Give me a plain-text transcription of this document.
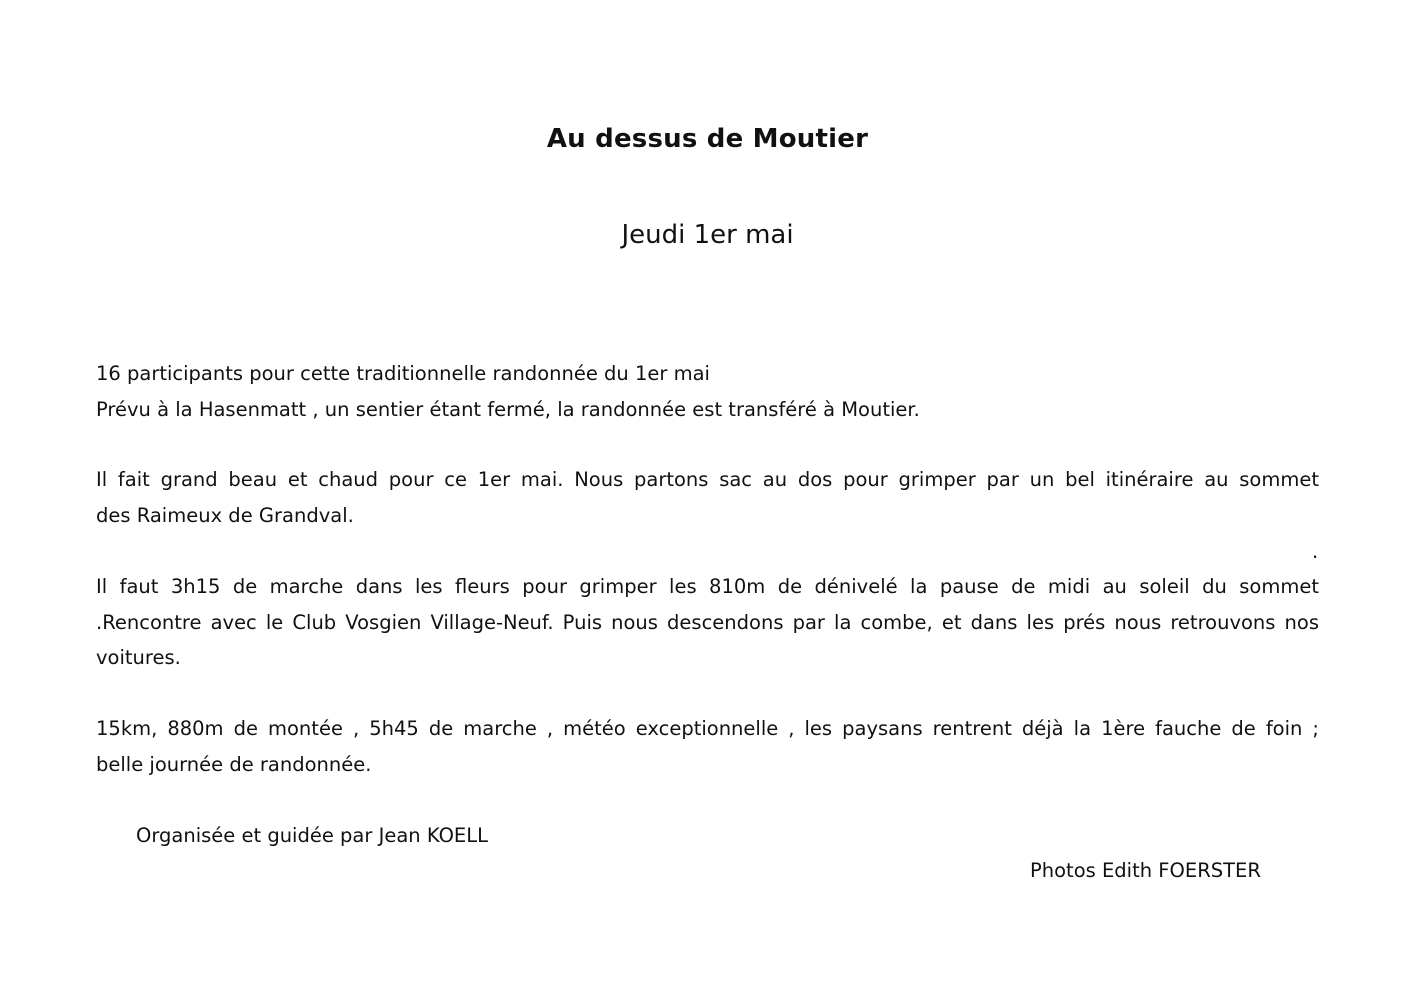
Au dessus de Moutier
Jeudi 1er mai
16 participants pour cette traditionnelle randonnée du 1er mai
Prévu à la Hasenmatt , un sentier étant fermé, la randonnée est transféré à Moutier.
Il fait grand beau et chaud pour ce 1er mai. Nous partons sac au dos pour grimper par un bel itinéraire au sommet
des Raimeux de Grandval.
.
Il faut 3h15 de marche dans les fleurs pour grimper les 810m de dénivelé la pause de midi au soleil du sommet
.Rencontre avec le Club Vosgien Village-Neuf. Puis nous descendons par la combe, et dans les prés nous retrouvons nos
voitures.
15km, 880m de montée , 5h45 de marche , météo exceptionnelle , les paysans rentrent déjà la 1ère fauche de foin ;
belle journée de randonnée.
Organisée et guidée par Jean KOELL
Photos Edith FOERSTER
